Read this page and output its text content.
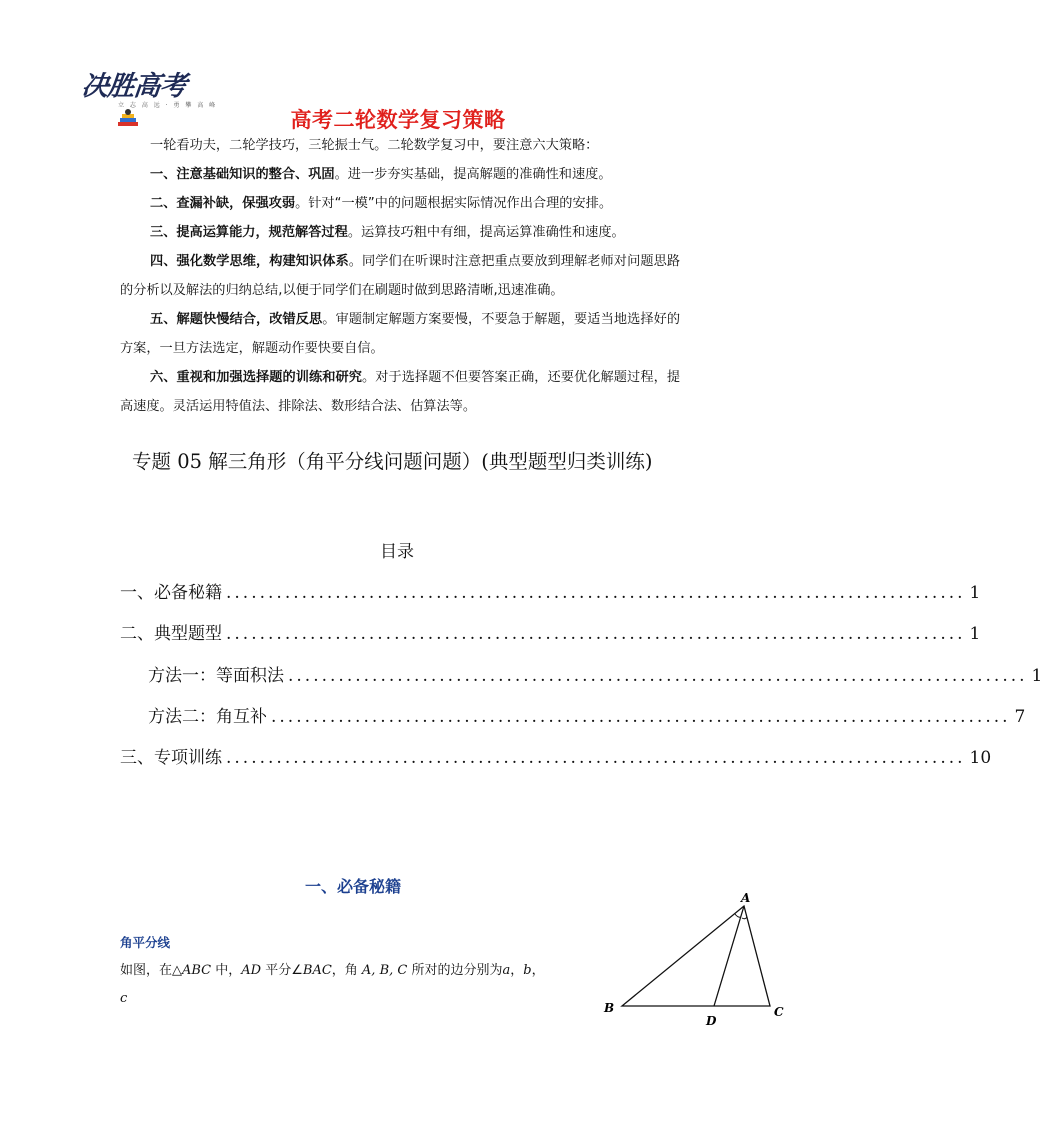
决胜高考
立 志 高 远 · 勇 攀 高 峰
高考二轮数学复习策略

一轮看功夫，二轮学技巧，三轮振士气。二轮数学复习中，要注意六大策略：

一、注意基础知识的整合、巩固。进一步夯实基础，提高解题的准确性和速度。

二、查漏补缺，保强攻弱。针对“一模”中的问题根据实际情况作出合理的安排。

三、提高运算能力，规范解答过程。运算技巧粗中有细，提高运算准确性和速度。

四、强化数学思维，构建知识体系。同学们在听课时注意把重点要放到理解老师对问题思路的分析以及解法的归纳总结,以便于同学们在刷题时做到思路清晰,迅速准确。

五、解题快慢结合，改错反思。审题制定解题方案要慢，不要急于解题，要适当地选择好的方案，一旦方法选定，解题动作要快要自信。

六、重视和加强选择题的训练和研究。对于选择题不但要答案正确，还要优化解题过程，提高速度。灵活运用特值法、排除法、数形结合法、估算法等。

专题 05 解三角形（角平分线问题问题）(典型题型归类训练)
目录
一、必备秘籍 ........................................................................................ 1
二、典型题型 ........................................................................................ 1
方法一：等面积法 ........................................................................................ 1
方法二：角互补 ........................................................................................ 7
三、专项训练 ........................................................................................ 10
一、必备秘籍
角平分线
如图，在△ABC 中，AD 平分∠BAC，角 A, B, C 所对的边分别为a，b，
c
A
B	C
D
